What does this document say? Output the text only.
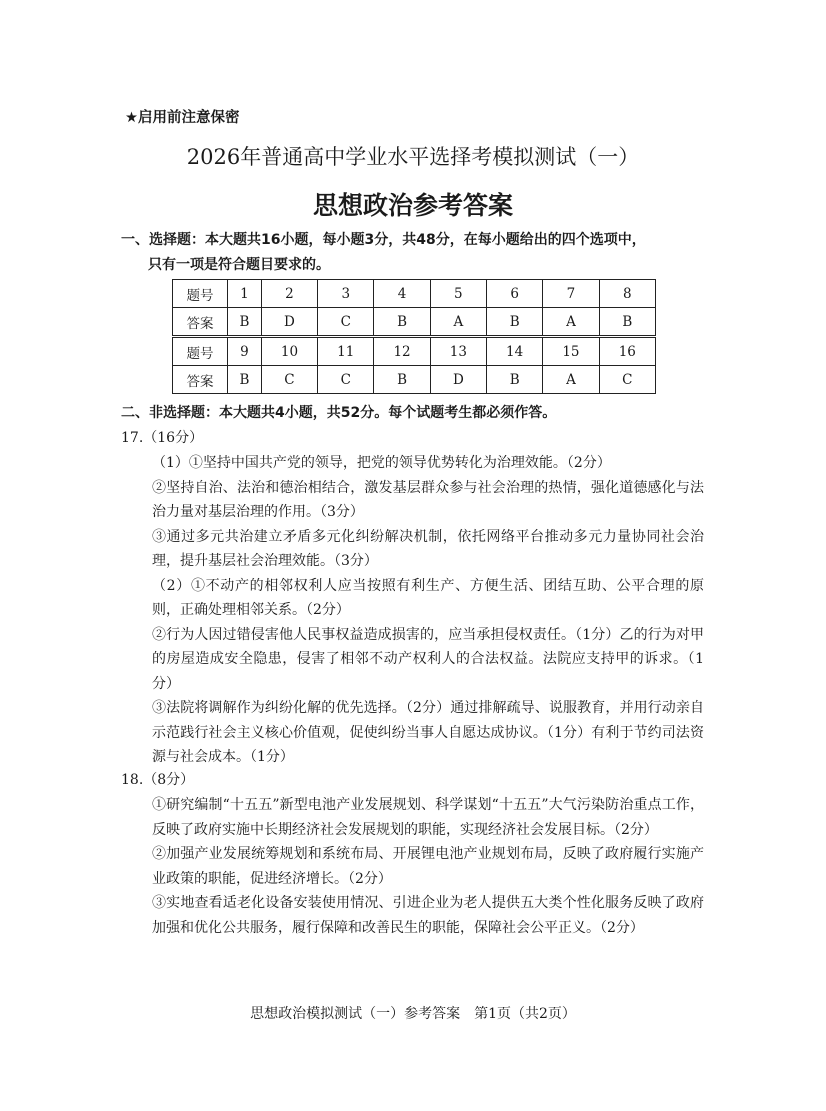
★启用前注意保密
2026年普通高中学业水平选择考模拟测试（一）
思想政治参考答案
一、选择题：本大题共16小题，每小题3分，共48分，在每小题给出的四个选项中，
只有一项是符合题目要求的。
题号	1	2	3	4	5	6	7	8
答案	B	D	C	B	A	B	A	B
题号	9	10	11	12	13	14	15	16
答案	B	C	C	B	D	B	A	C
二、非选择题：本大题共4小题，共52分。每个试题考生都必须作答。
17.（16分）
（1）①坚持中国共产党的领导，把党的领导优势转化为治理效能。（2分）
②坚持自治、法治和德治相结合，激发基层群众参与社会治理的热情，强化道德感化与法治力量对基层治理的作用。（3分）
③通过多元共治建立矛盾多元化纠纷解决机制，依托网络平台推动多元力量协同社会治理，提升基层社会治理效能。（3分）
（2）①不动产的相邻权利人应当按照有利生产、方便生活、团结互助、公平合理的原则，正确处理相邻关系。（2分）
②行为人因过错侵害他人民事权益造成损害的，应当承担侵权责任。（1分）乙的行为对甲的房屋造成安全隐患，侵害了相邻不动产权利人的合法权益。法院应支持甲的诉求。（1分）
③法院将调解作为纠纷化解的优先选择。（2分）通过排解疏导、说服教育，并用行动亲自示范践行社会主义核心价值观，促使纠纷当事人自愿达成协议。（1分）有利于节约司法资源与社会成本。（1分）
18.（8分）
①研究编制“十五五”新型电池产业发展规划、科学谋划“十五五”大气污染防治重点工作，反映了政府实施中长期经济社会发展规划的职能，实现经济社会发展目标。（2分）
②加强产业发展统筹规划和系统布局、开展锂电池产业规划布局，反映了政府履行实施产业政策的职能，促进经济增长。（2分）
③实地查看适老化设备安装使用情况、引进企业为老人提供五大类个性化服务反映了政府加强和优化公共服务，履行保障和改善民生的职能，保障社会公平正义。（2分）
思想政治模拟测试（一）参考答案　第1页（共2页）
